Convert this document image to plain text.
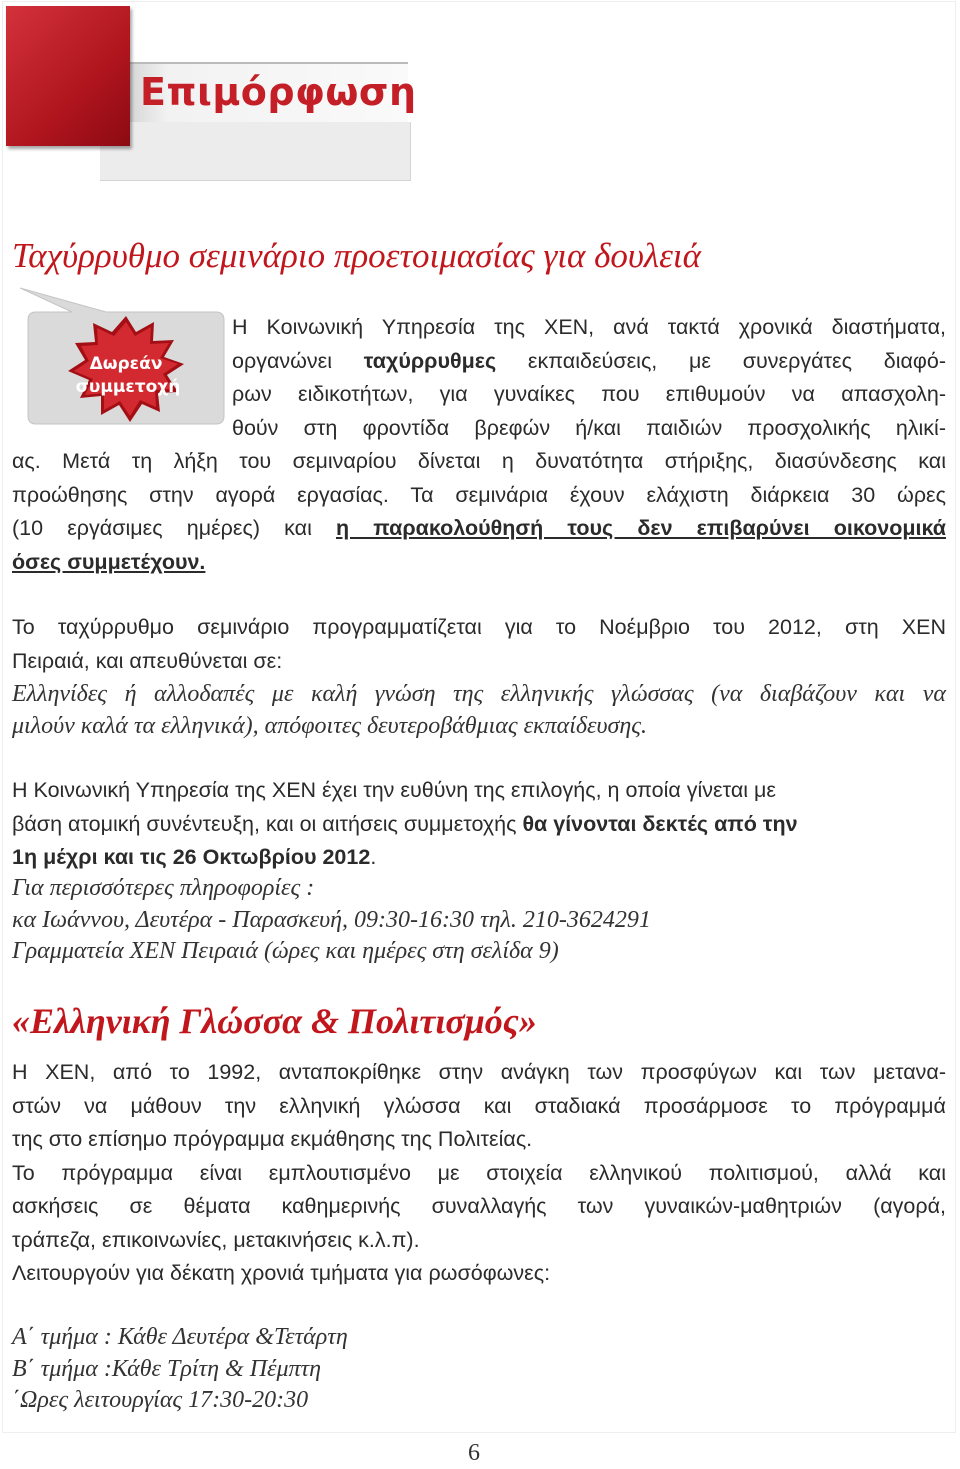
Επιμόρφωση
Ταχύρρυθμο σεμινάριο προετοιμασίας για δουλειά
Δωρεάν
συμμετοχή
Η Κοινωνική Υπηρεσία της ΧΕΝ, ανά τακτά χρονικά διαστήματα,
οργανώνει ταχύρρυθμες εκπαιδεύσεις, με συνεργάτες διαφό-
ρων ειδικοτήτων, για γυναίκες που επιθυμούν να απασχολη-
θούν στη φροντίδα βρεφών ή/και παιδιών προσχολικής ηλικί-
ας. Μετά τη λήξη του σεμιναρίου δίνεται η δυνατότητα στήριξης, διασύνδεσης και
προώθησης στην αγορά εργασίας. Τα σεμινάρια έχουν ελάχιστη διάρκεια 30 ώρες
(10 εργάσιμες ημέρες) και η παρακολούθησή τους δεν επιβαρύνει οικονομικά
όσες συμμετέχουν.
Το ταχύρρυθμο σεμινάριο προγραμματίζεται για το Νοέμβριο του 2012, στη ΧΕΝ
Πειραιά, και απευθύνεται σε:
Ελληνίδες ή αλλοδαπές με καλή γνώση της ελληνικής γλώσσας (να διαβάζουν και να
μιλούν καλά τα ελληνικά), απόφοιτες δευτεροβάθμιας εκπαίδευσης.
Η Κοινωνική Υπηρεσία της ΧΕΝ έχει την ευθύνη της επιλογής, η οποία γίνεται με
βάση ατομική συνέντευξη, και οι αιτήσεις συμμετοχής θα γίνονται δεκτές από την
1η μέχρι και τις 26 Οκτωβρίου 2012.
Για περισσότερες πληροφορίες :
κα Ιωάννου, Δευτέρα - Παρασκευή, 09:30-16:30 τηλ. 210-3624291
Γραμματεία ΧΕΝ Πειραιά (ώρες και ημέρες στη σελίδα 9)
«Ελληνική Γλώσσα & Πολιτισμός»
Η ΧΕΝ, από το 1992, ανταποκρίθηκε στην ανάγκη των προσφύγων και των μετανα-
στών να μάθουν την ελληνική γλώσσα και σταδιακά προσάρμοσε το πρόγραμμά
της στο επίσημο πρόγραμμα εκμάθησης της Πολιτείας.
Το πρόγραμμα είναι εμπλουτισμένο με στοιχεία ελληνικού πολιτισμού, αλλά και
ασκήσεις σε θέματα καθημερινής συναλλαγής των γυναικών-μαθητριών (αγορά,
τράπεζα, επικοινωνίες, μετακινήσεις κ.λ.π).
Λειτουργούν για δέκατη χρονιά τμήματα για ρωσόφωνες:
Α΄ τμήμα : Κάθε Δευτέρα &Τετάρτη
Β΄ τμήμα :Κάθε Τρίτη & Πέμπτη
΄Ωρες λειτουργίας 17:30-20:30
6
